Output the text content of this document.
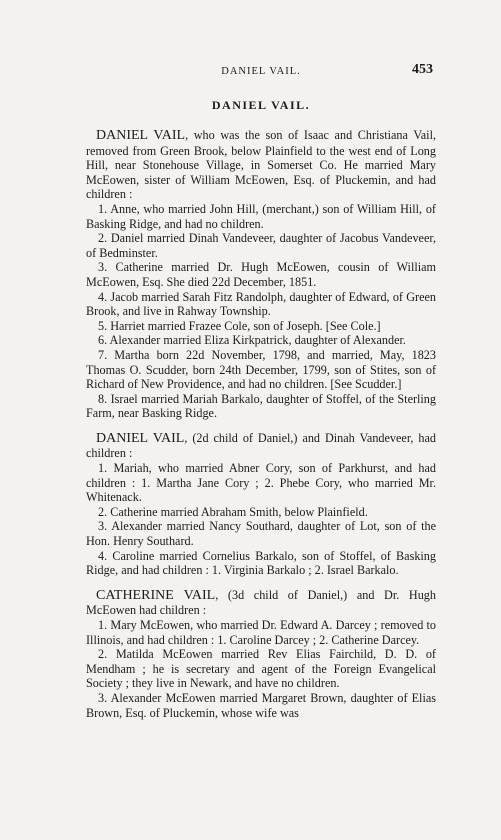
DANIEL VAIL.	453
DANIEL VAIL.

DANIEL VAIL, who was the son of Isaac and Christiana Vail, removed from Green Brook, below Plainfield to the west end of Long Hill, near Stonehouse Village, in Somerset Co. He married Mary McEowen, sister of William McEowen, Esq. of Pluckemin, and had children :

1. Anne, who married John Hill, (merchant,) son of William Hill, of Basking Ridge, and had no children.

2. Daniel married Dinah Vandeveer, daughter of Jacobus Vandeveer, of Bedminster.

3. Catherine married Dr. Hugh McEowen, cousin of William McEowen, Esq. She died 22d December, 1851.

4. Jacob married Sarah Fitz Randolph, daughter of Edward, of Green Brook, and live in Rahway Township.

5. Harriet married Frazee Cole, son of Joseph. [See Cole.]

6. Alexander married Eliza Kirkpatrick, daughter of Alexander.

7. Martha born 22d November, 1798, and married, May, 1823 Thomas O. Scudder, born 24th December, 1799, son of Stites, son of Richard of New Providence, and had no children. [See Scudder.]

8. Israel married Mariah Barkalo, daughter of Stoffel, of the Sterling Farm, near Basking Ridge.

DANIEL VAIL, (2d child of Daniel,) and Dinah Vandeveer, had children :

1. Mariah, who married Abner Cory, son of Parkhurst, and had children : 1. Martha Jane Cory ; 2. Phebe Cory, who married Mr. Whitenack.

2. Catherine married Abraham Smith, below Plainfield.

3. Alexander married Nancy Southard, daughter of Lot, son of the Hon. Henry Southard.

4. Caroline married Cornelius Barkalo, son of Stoffel, of Basking Ridge, and had children : 1. Virginia Barkalo ; 2. Israel Barkalo.

CATHERINE VAIL, (3d child of Daniel,) and Dr. Hugh McEowen had children :

1. Mary McEowen, who married Dr. Edward A. Darcey ; removed to Illinois, and had children : 1. Caroline Darcey ; 2. Catherine Darcey.

2. Matilda McEowen married Rev Elias Fairchild, D. D. of Mendham ; he is secretary and agent of the Foreign Evangelical Society ; they live in Newark, and have no children.

3. Alexander McEowen married Margaret Brown, daughter of Elias Brown, Esq. of Pluckemin, whose wife was
